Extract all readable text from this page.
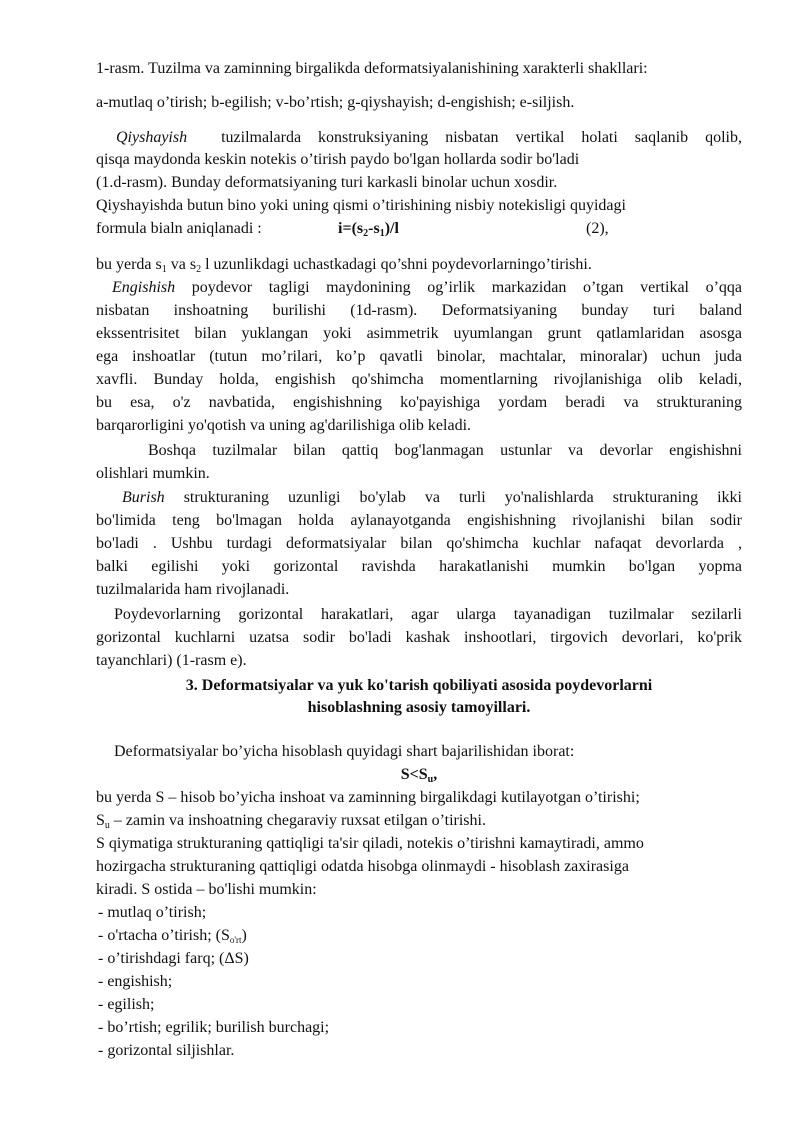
1-rasm. Tuzilma va zaminning birgalikda deformatsiyalanishining xarakterli shakllari:
a-mutlaq o’tirish; b-egilish; v-bo’rtish; g-qiyshayish; d-engishish; e-siljish.
Qiyshayish tuzilmalarda konstruksiyaning nisbatan vertikal holati saqlanib qolib,
qisqa maydonda keskin notekis o’tirish paydo bo'lgan hollarda sodir bo'ladi
(1.d-rasm). Bunday deformatsiyaning turi karkasli binolar uchun xosdir.
Qiyshayishda butun bino yoki uning qismi o’tirishining nisbiy notekisligi quyidagi
formula bialn aniqlanadi :	i=(s2-s1)/l	(2),
bu yerda s1 va s2 l uzunlikdagi uchastkadagi qo’shni poydevorlarningo’tirishi.
Engishish poydevor tagligi maydonining og’irlik markazidan o’tgan vertikal o’qqa
nisbatan inshoatning burilishi (1d-rasm). Deformatsiyaning bunday turi baland
ekssentrisitet bilan yuklangan yoki asimmetrik uyumlangan grunt qatlamlaridan asosga
ega inshoatlar (tutun mo’rilari, ko’p qavatli binolar, machtalar, minoralar) uchun juda
xavfli. Bunday holda, engishish qo'shimcha momentlarning rivojlanishiga olib keladi,
bu esa, o'z navbatida, engishishning ko'payishiga yordam beradi va strukturaning
barqarorligini yo'qotish va uning ag'darilishiga olib keladi.
Boshqa tuzilmalar bilan qattiq bog'lanmagan ustunlar va devorlar engishishni
olishlari mumkin.
Burish strukturaning uzunligi bo'ylab va turli yo'nalishlarda strukturaning ikki
bo'limida teng bo'lmagan holda aylanayotganda engishishning rivojlanishi bilan sodir
bo'ladi . Ushbu turdagi deformatsiyalar bilan qo'shimcha kuchlar nafaqat devorlarda ,
balki egilishi yoki gorizontal ravishda harakatlanishi mumkin bo'lgan yopma
tuzilmalarida ham rivojlanadi.
Poydevorlarning gorizontal harakatlari, agar ularga tayanadigan tuzilmalar sezilarli
gorizontal kuchlarni uzatsa sodir bo'ladi kashak inshootlari, tirgovich devorlari, ko'prik
tayanchlari) (1-rasm e).
3. Deformatsiyalar va yuk ko'tarish qobiliyati asosida poydevorlarni
hisoblashning asosiy tamoyillari.
Deformatsiyalar bo’yicha hisoblash quyidagi shart bajarilishidan iborat:
S<Su,
bu yerda S – hisob bo’yicha inshoat va zaminning birgalikdagi kutilayotgan o’tirishi;
Su – zamin va inshoatning chegaraviy ruxsat etilgan o’tirishi.
S qiymatiga strukturaning qattiqligi ta'sir qiladi, notekis o’tirishni kamaytiradi, ammo
hozirgacha strukturaning qattiqligi odatda hisobga olinmaydi - hisoblash zaxirasiga
kiradi. S ostida – bo'lishi mumkin:
- mutlaq o’tirish;
- o'rtacha o’tirish; (So'rt)
- o’tirishdagi farq; (ΔS)
- engishish;
- egilish;
- bo’rtish; egrilik; burilish burchagi;
- gorizontal siljishlar.
